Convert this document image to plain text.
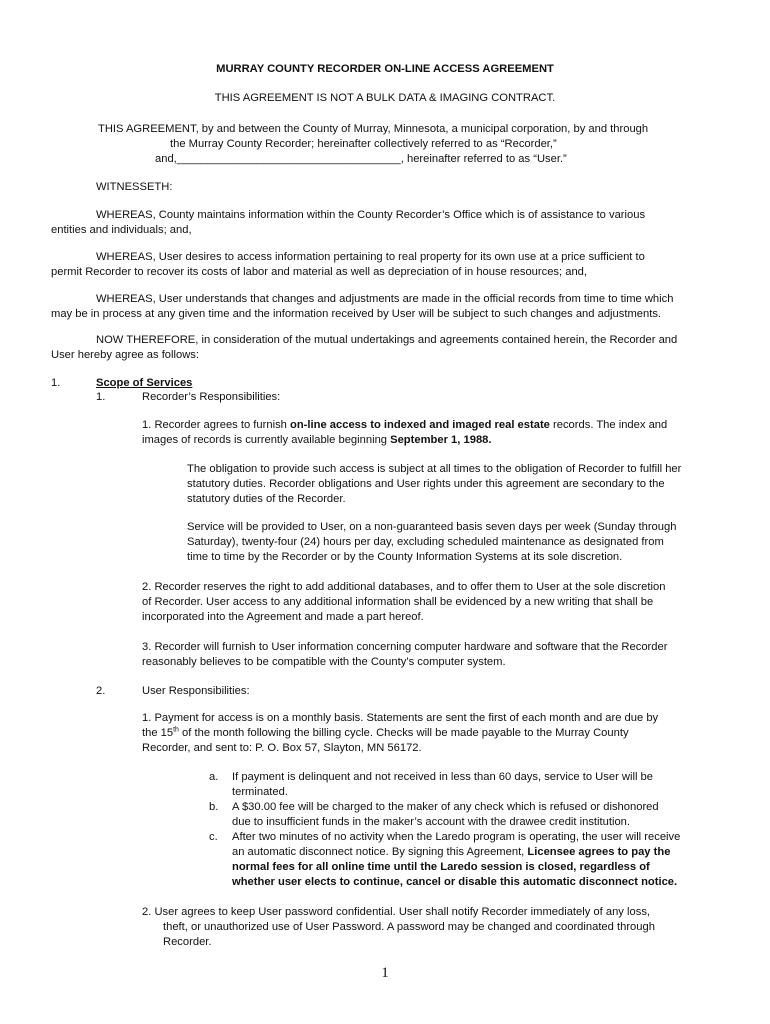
MURRAY COUNTY RECORDER ON-LINE ACCESS AGREEMENT
THIS AGREEMENT IS NOT A BULK DATA & IMAGING CONTRACT.
THIS AGREEMENT, by and between the County of Murray, Minnesota, a municipal corporation, by and through
the Murray County Recorder; hereinafter collectively referred to as “Recorder,”
and,____________________________________, hereinafter referred to as “User.”
WITNESSETH:
WHEREAS, County maintains information within the County Recorder’s Office which is of assistance to various
entities and individuals; and,
WHEREAS, User desires to access information pertaining to real property for its own use at a price sufficient to
permit Recorder to recover its costs of labor and material as well as depreciation of in house resources; and,
WHEREAS, User understands that changes and adjustments are made in the official records from time to time which
may be in process at any given time and the information received by User will be subject to such changes and adjustments.
NOW THEREFORE, in consideration of the mutual undertakings and agreements contained herein, the Recorder and
User hereby agree as follows:
1.	Scope of Services
1.	Recorder’s Responsibilities:
1. Recorder agrees to furnish on-line access to indexed and imaged real estate records. The index and
images of records is currently available beginning September 1, 1988.
The obligation to provide such access is subject at all times to the obligation of Recorder to fulfill her
statutory duties. Recorder obligations and User rights under this agreement are secondary to the
statutory duties of the Recorder.
Service will be provided to User, on a non-guaranteed basis seven days per week (Sunday through
Saturday), twenty-four (24) hours per day, excluding scheduled maintenance as designated from
time to time by the Recorder or by the County Information Systems at its sole discretion.
2. Recorder reserves the right to add additional databases, and to offer them to User at the sole discretion
of Recorder. User access to any additional information shall be evidenced by a new writing that shall be
incorporated into the Agreement and made a part hereof.
3. Recorder will furnish to User information concerning computer hardware and software that the Recorder
reasonably believes to be compatible with the County’s computer system.
2.	User Responsibilities:
1. Payment for access is on a monthly basis. Statements are sent the first of each month and are due by
the 15th of the month following the billing cycle. Checks will be made payable to the Murray County
Recorder, and sent to: P. O. Box 57, Slayton, MN 56172.
a. If payment is delinquent and not received in less than 60 days, service to User will be
terminated.
b. A $30.00 fee will be charged to the maker of any check which is refused or dishonored
due to insufficient funds in the maker’s account with the drawee credit institution.
c. After two minutes of no activity when the Laredo program is operating, the user will receive
an automatic disconnect notice. By signing this Agreement, Licensee agrees to pay the
normal fees for all online time until the Laredo session is closed, regardless of
whether user elects to continue, cancel or disable this automatic disconnect notice.
2. User agrees to keep User password confidential. User shall notify Recorder immediately of any loss,
theft, or unauthorized use of User Password. A password may be changed and coordinated through
Recorder.
1
